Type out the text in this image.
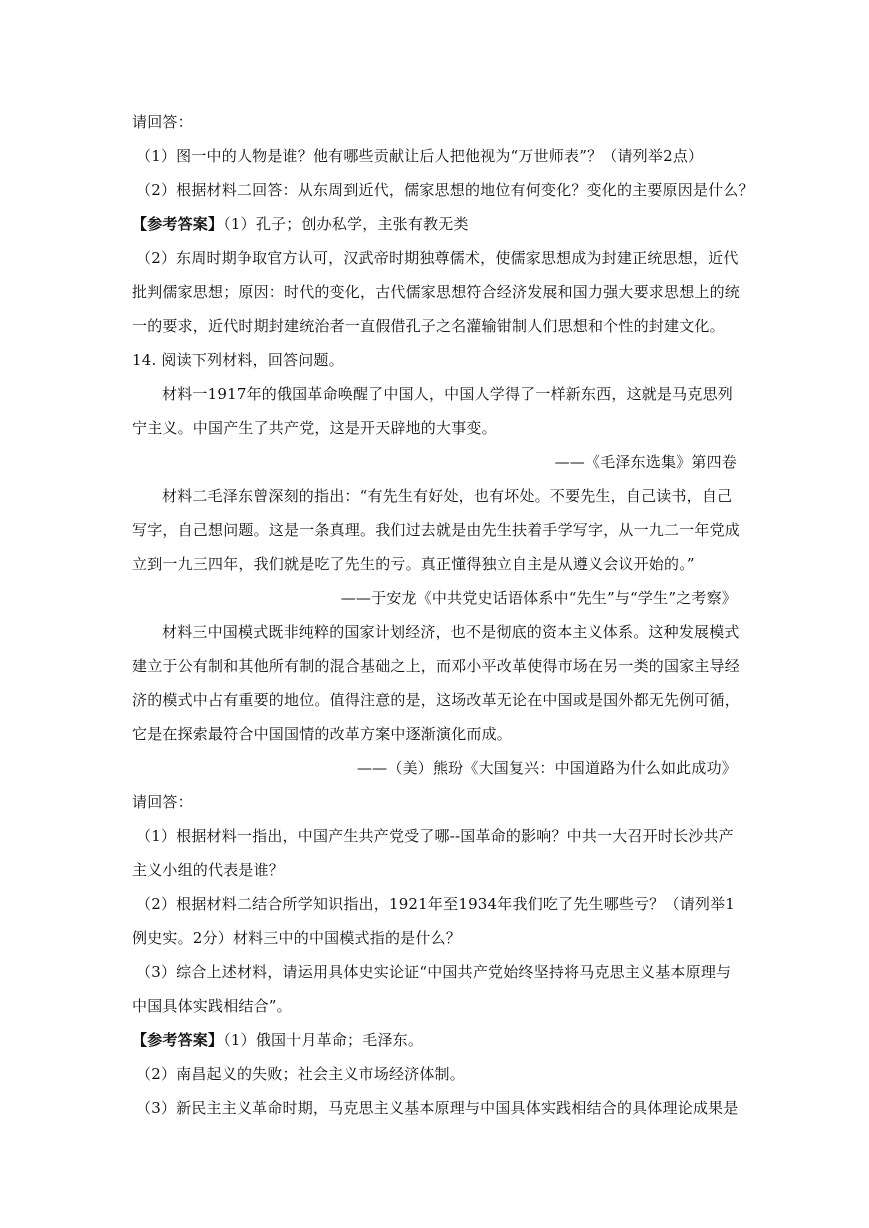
请回答：
（1）图一中的人物是谁？他有哪些贡献让后人把他视为“万世师表”？（请列举2点）
（2）根据材料二回答：从东周到近代，儒家思想的地位有何变化？变化的主要原因是什么？
【参考答案】（1）孔子；创办私学，主张有教无类
（2）东周时期争取官方认可，汉武帝时期独尊儒术，使儒家思想成为封建正统思想，近代
批判儒家思想；原因：时代的变化，古代儒家思想符合经济发展和国力强大要求思想上的统
一的要求，近代时期封建统治者一直假借孔子之名灌输钳制人们思想和个性的封建文化。
14. 阅读下列材料，回答问题。
材料一1917年的俄国革命唤醒了中国人，中国人学得了一样新东西，这就是马克思列
宁主义。中国产生了共产党，这是开天辟地的大事变。
——《毛泽东选集》第四卷
材料二毛泽东曾深刻的指出：“有先生有好处，也有坏处。不要先生，自己读书，自己
写字，自己想问题。这是一条真理。我们过去就是由先生扶着手学写字，从一九二一年党成
立到一九三四年，我们就是吃了先生的亏。真正懂得独立自主是从遵义会议开始的。”
——于安龙《中共党史话语体系中“先生”与“学生”之考察》
材料三中国模式既非纯粹的国家计划经济，也不是彻底的资本主义体系。这种发展模式
建立于公有制和其他所有制的混合基础之上，而邓小平改革使得市场在另一类的国家主导经
济的模式中占有重要的地位。值得注意的是，这场改革无论在中国或是国外都无先例可循，
它是在探索最符合中国国情的改革方案中逐渐演化而成。
——（美）熊玢《大国复兴：中国道路为什么如此成功》
请回答：
（1）根据材料一指出，中国产生共产党受了哪--国革命的影响？中共一大召开时长沙共产
主义小组的代表是谁？
（2）根据材料二结合所学知识指出，1921年至1934年我们吃了先生哪些亏？（请列举1
例史实。2分）材料三中的中国模式指的是什么？
（3）综合上述材料，请运用具体史实论证“中国共产党始终坚持将马克思主义基本原理与
中国具体实践相结合”。
【参考答案】（1）俄国十月革命；毛泽东。
（2）南昌起义的失败；社会主义市场经济体制。
（3）新民主主义革命时期，马克思主义基本原理与中国具体实践相结合的具体理论成果是
